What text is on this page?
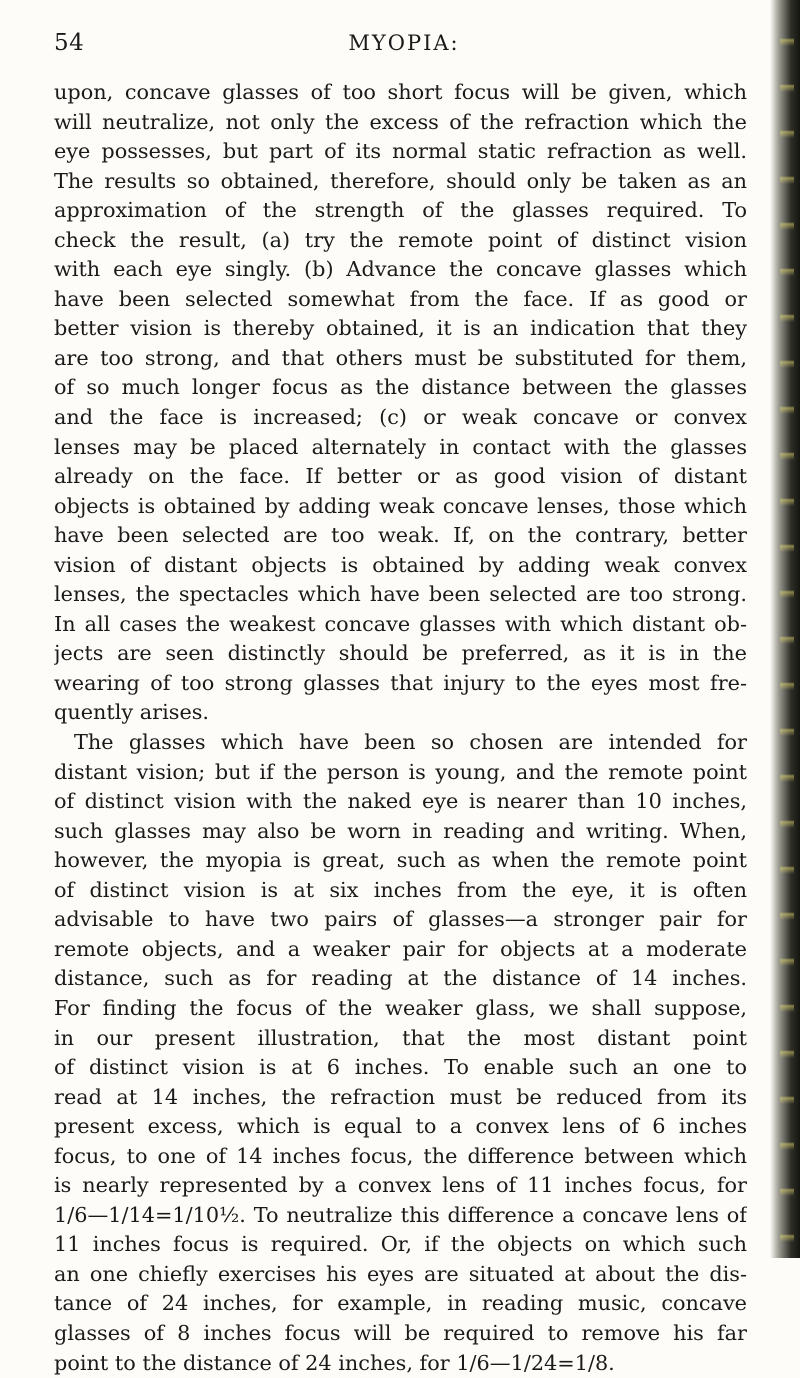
54	MYOPIA:
upon, concave glasses of too short focus will be given, which
will neutralize, not only the excess of the refraction which the
eye possesses, but part of its normal static refraction as well.
The results so obtained, therefore, should only be taken as an
approximation of the strength of the glasses required. To
check the result, (a) try the remote point of distinct vision
with each eye singly. (b) Advance the concave glasses which
have been selected somewhat from the face. If as good or
better vision is thereby obtained, it is an indication that they
are too strong, and that others must be substituted for them,
of so much longer focus as the distance between the glasses
and the face is increased; (c) or weak concave or convex
lenses may be placed alternately in contact with the glasses
already on the face. If better or as good vision of distant
objects is obtained by adding weak concave lenses, those which
have been selected are too weak. If, on the contrary, better
vision of distant objects is obtained by adding weak convex
lenses, the spectacles which have been selected are too strong.
In all cases the weakest concave glasses with which distant ob-
jects are seen distinctly should be preferred, as it is in the
wearing of too strong glasses that injury to the eyes most fre-
quently arises.
The glasses which have been so chosen are intended for
distant vision; but if the person is young, and the remote point
of distinct vision with the naked eye is nearer than 10 inches,
such glasses may also be worn in reading and writing. When,
however, the myopia is great, such as when the remote point
of distinct vision is at six inches from the eye, it is often
advisable to have two pairs of glasses—a stronger pair for
remote objects, and a weaker pair for objects at a moderate
distance, such as for reading at the distance of 14 inches.
For finding the focus of the weaker glass, we shall suppose,
in our present illustration, that the most distant point
of distinct vision is at 6 inches. To enable such an one to
read at 14 inches, the refraction must be reduced from its
present excess, which is equal to a convex lens of 6 inches
focus, to one of 14 inches focus, the difference between which
is nearly represented by a convex lens of 11 inches focus, for
1/6—1/14=1/10½. To neutralize this difference a concave lens of
11 inches focus is required. Or, if the objects on which such
an one chiefly exercises his eyes are situated at about the dis-
tance of 24 inches, for example, in reading music, concave
glasses of 8 inches focus will be required to remove his far
point to the distance of 24 inches, for 1/6—1/24=1/8.
